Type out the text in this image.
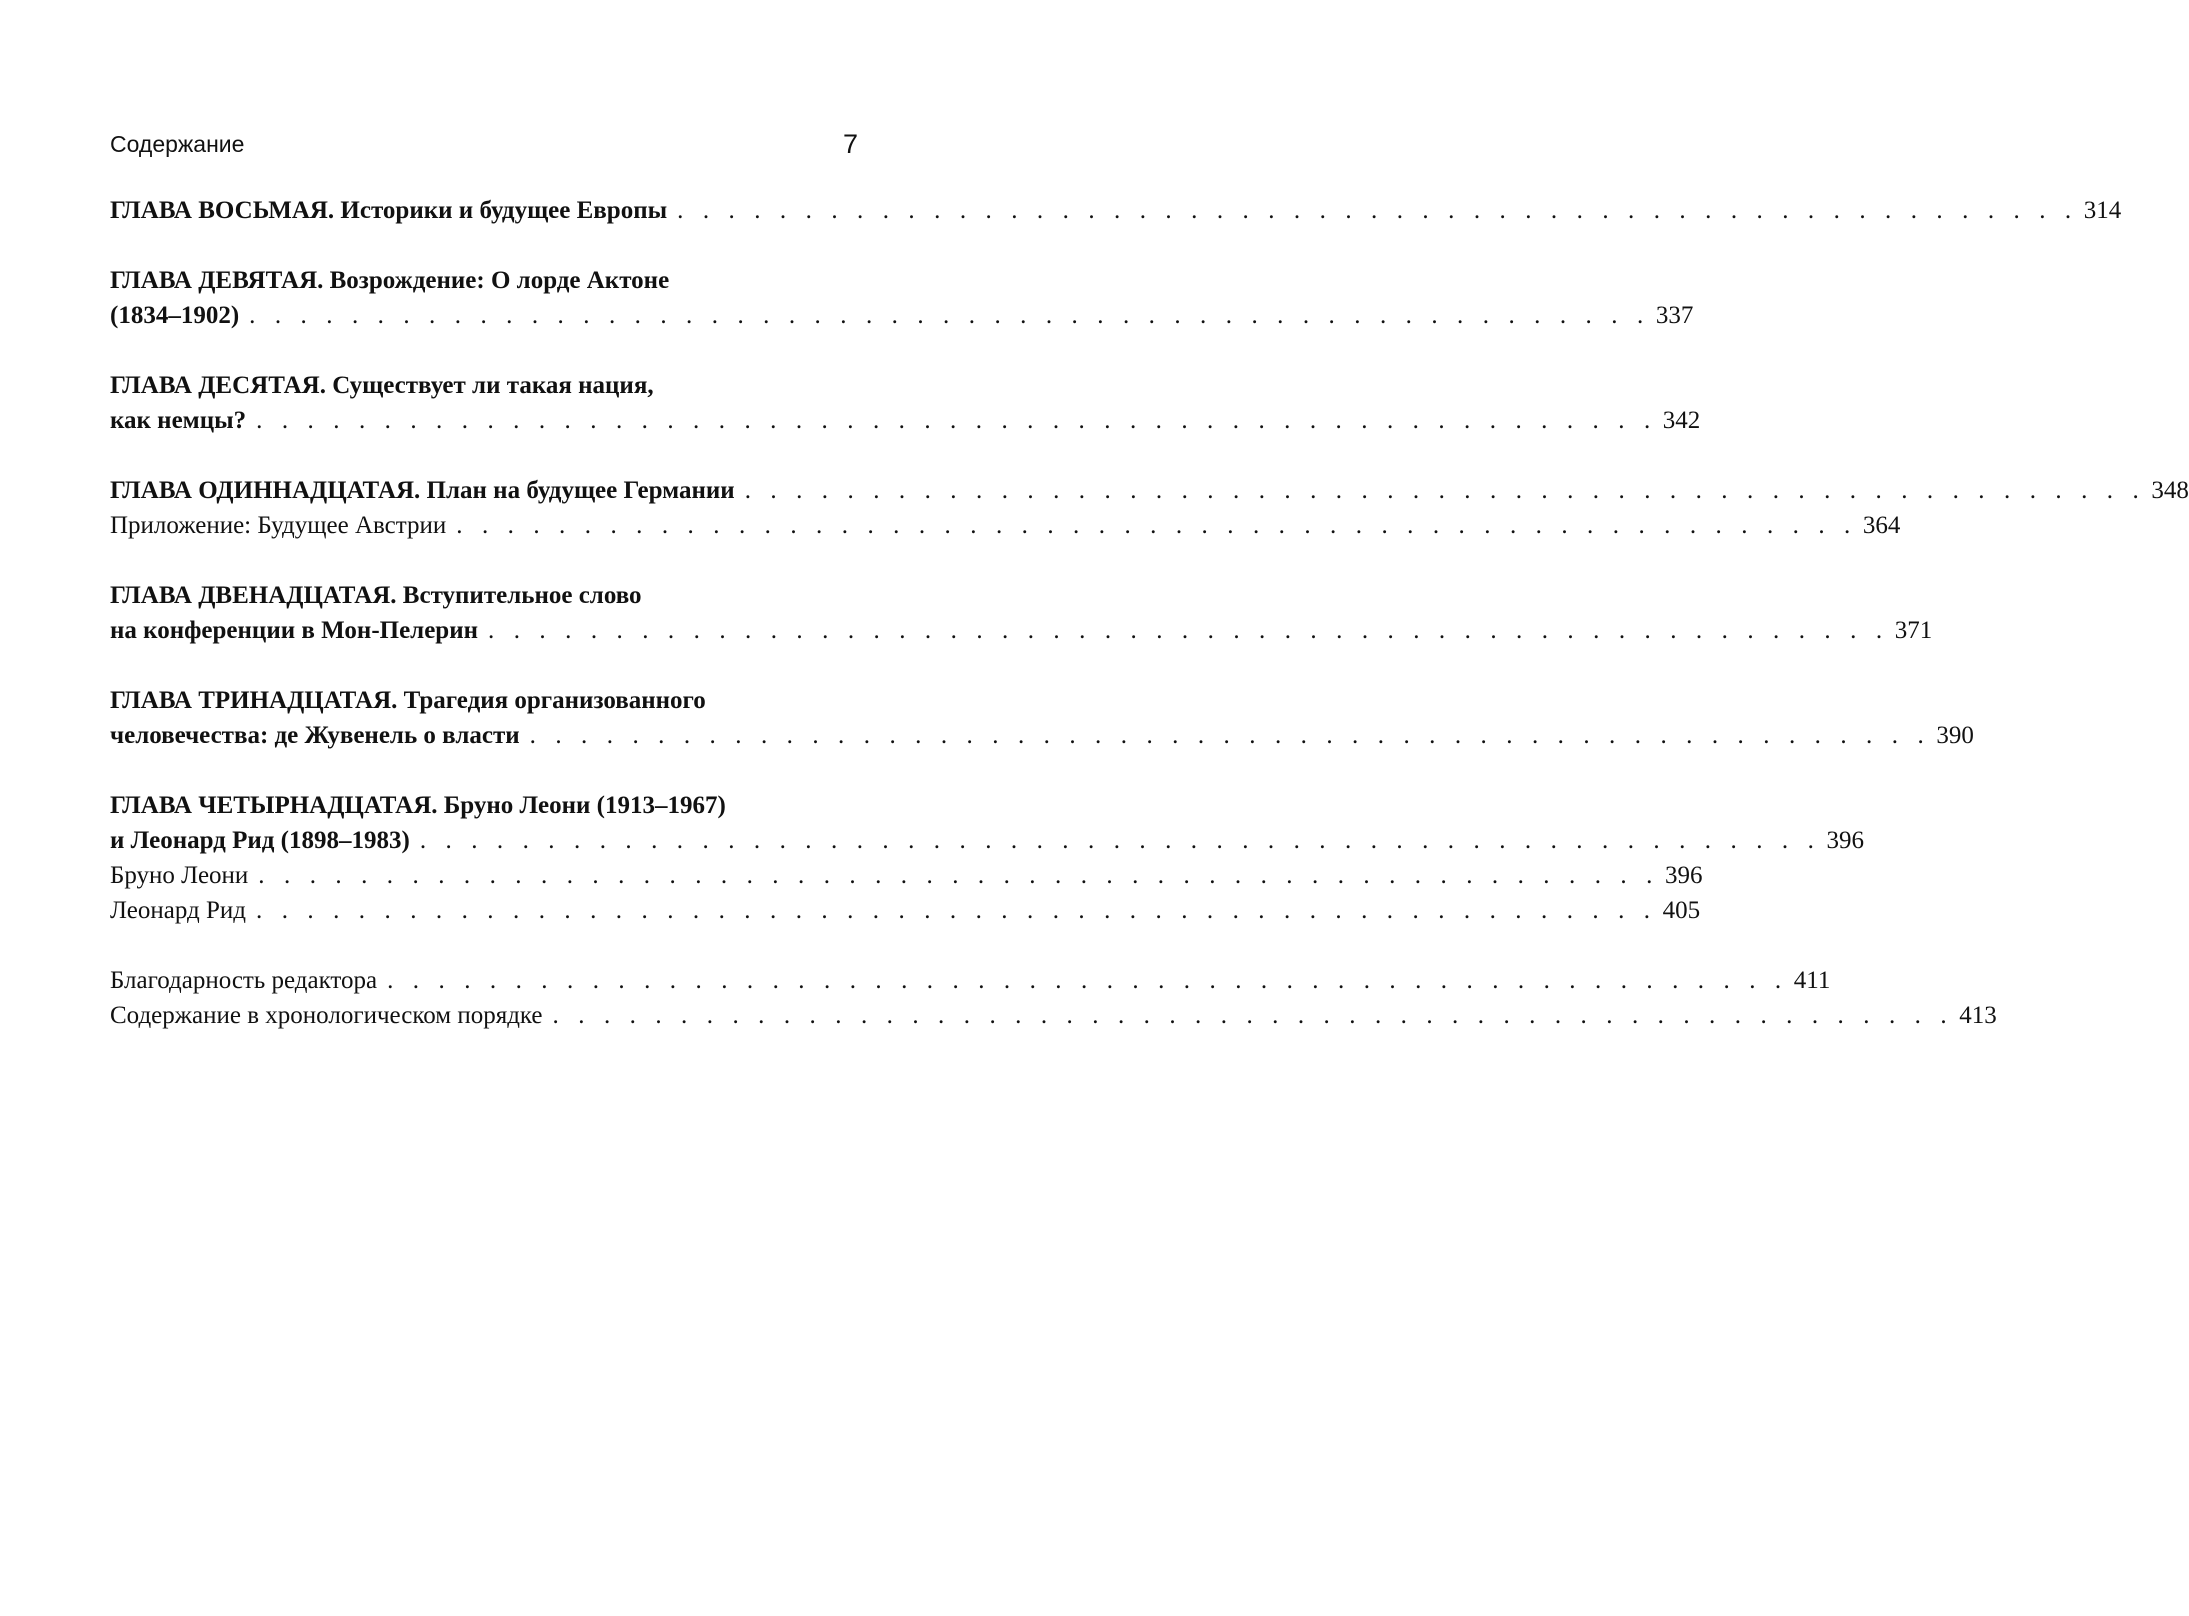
Содержание	7
ГЛАВА ВОСЬМАЯ. Историки и будущее Европы . . . . . . . . . . . . . . . . . . . . . . . . . . . . . . . . . . . . . . . . . . . . . . . . . . . . . . . 314
ГЛАВА ДЕВЯТАЯ. Возрождение: О лорде Актоне
(1834–1902) . . . . . . . . . . . . . . . . . . . . . . . . . . . . . . . . . . . . . . . . . . . . . . . . . . . . . . . 337
ГЛАВА ДЕСЯТАЯ. Существует ли такая нация,
как немцы? . . . . . . . . . . . . . . . . . . . . . . . . . . . . . . . . . . . . . . . . . . . . . . . . . . . . . . . 342
ГЛАВА ОДИННАДЦАТАЯ. План на будущее Германии . . . . . . . . . . . . . . . . . . . . . . . . . . . . . . . . . . . . . . . . . . . . . . . . . . . . . . . 348
Приложение: Будущее Австрии . . . . . . . . . . . . . . . . . . . . . . . . . . . . . . . . . . . . . . . . . . . . . . . . . . . . . . . 364
ГЛАВА ДВЕНАДЦАТАЯ. Вступительное слово
на конференции в Мон-Пелерин . . . . . . . . . . . . . . . . . . . . . . . . . . . . . . . . . . . . . . . . . . . . . . . . . . . . . . . 371
ГЛАВА ТРИНАДЦАТАЯ. Трагедия организованного
человечества: де Жувенель о власти . . . . . . . . . . . . . . . . . . . . . . . . . . . . . . . . . . . . . . . . . . . . . . . . . . . . . . . 390
ГЛАВА ЧЕТЫРНАДЦАТАЯ. Бруно Леони (1913–1967)
и Леонард Рид (1898–1983) . . . . . . . . . . . . . . . . . . . . . . . . . . . . . . . . . . . . . . . . . . . . . . . . . . . . . . . 396
Бруно Леони . . . . . . . . . . . . . . . . . . . . . . . . . . . . . . . . . . . . . . . . . . . . . . . . . . . . . . . 396
Леонард Рид . . . . . . . . . . . . . . . . . . . . . . . . . . . . . . . . . . . . . . . . . . . . . . . . . . . . . . . 405
Благодарность редактора . . . . . . . . . . . . . . . . . . . . . . . . . . . . . . . . . . . . . . . . . . . . . . . . . . . . . . . 411
Содержание в хронологическом порядке . . . . . . . . . . . . . . . . . . . . . . . . . . . . . . . . . . . . . . . . . . . . . . . . . . . . . . . 413
